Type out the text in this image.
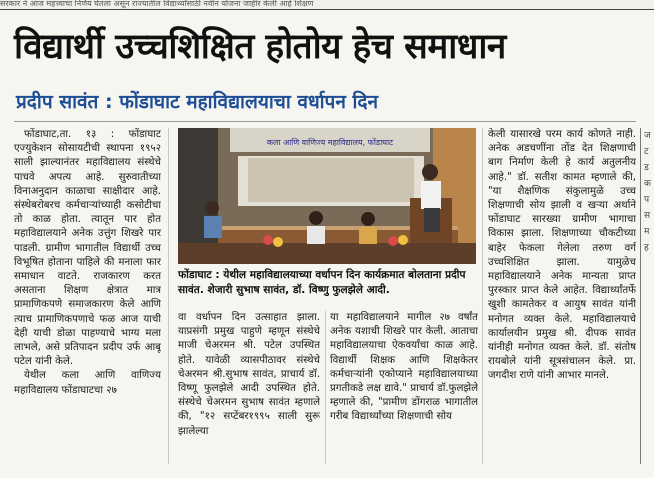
सरकार ने आज महत्त्वाचा निर्णय घेतला असून राज्यातील विद्यार्थ्यांसाठी नवीन योजना जाहीर केली आहे शिक्षण
विद्यार्थी उच्चशिक्षित होतोय हेच समाधान
प्रदीप सावंत : फोंडाघाट महाविद्यालयाचा वर्धापन दिन

फोंडाघाट,ता. १३ : फोंडाघाट एज्युकेशन सोसायटीची स्थापना १९५२ साली झाल्यानंतर महाविद्यालय संस्थेचे पाचवे अपत्य आहे. सुरुवातीच्या विनाअनुदान काळाचा साक्षीदार आहे. संस्थेबरोबरच कर्मचाऱ्यांच्याही कसोटीचा तो काळ होता. त्यातून पार होत महाविद्यालयाने अनेक उत्तुंग शिखरे पार पाडली. ग्रामीण भागातील विद्यार्थी उच्च विभूषित होताना पाहिले की मनाला फार समाधान वाटते. राजकारण करत असताना शिक्षण क्षेत्रात मात्र प्रामाणिकपणे समाजकारण केले आणि त्याच प्रामाणिकपणाचे फळ आज याची देही याची डोळा पाहण्याचे भाग्य मला लाभले, असे प्रतिपादन प्रदीप उर्फ आबू पटेल यांनी केले.

येथील कला आणि वाणिज्य महाविद्यालय फोंडाघाटचा २७

कला आणि वाणिज्य महाविद्यालय, फोंडाघाट

फोंडाघाट : येथील महाविद्यालयाच्या वर्धापन दिन कार्यक्रमात बोलताना प्रदीप सावंत. शेजारी सुभाष सावंत, डॉ. विष्णु फुलझेले आदी.

वा वर्धापन दिन उत्साहात झाला. याप्रसंगी प्रमुख पाहुणे म्हणून संस्थेचे माजी चेअरमन श्री. पटेल उपस्थित होते. यावेळी व्यासपीठावर संस्थेचे चेअरमन श्री.सुभाष सावंत, प्राचार्य डॉ. विष्णू फुलझेले आदी उपस्थित होते. संस्थेचे चेअरमन सुभाष सावंत म्हणाले की, "१२ सप्टेंबर१९९५ साली सुरू झालेल्या

या महाविद्यालयाने मागील २७ वर्षांत अनेक यशाची शिखरे पार केली. आताचा महाविद्यालयाचा ऐकवर्यांचा काळ आहे. विद्यार्थी शिक्षक आणि शिक्षकेतर कर्मचाऱ्यांनी एकोप्याने महाविद्यालयाच्या प्रगतीकडे लक्ष द्यावे." प्राचार्य डॉ.फुलझेले म्हणाले की, "प्रामीण डोंगराळ भागातील गरीब विद्यार्थ्यांच्या शिक्षणाची सोय

केली यासारखे परम कार्य कोणते नाही. अनेक अडचणींना तोंड देत शिक्षणाची बाग निर्माण केली हे कार्य अतुलनीय आहे." डॉ. सतीश कामत म्हणाले की, "या शैक्षणिक संकुलामुळे उच्च शिक्षणाची सोय झाली व खऱ्या अर्थाने फोंडाघाट सारख्या ग्रामीण भागाचा विकास झाला. शिक्षणाच्या चौकटीच्या बाहेर फेकला गेलेला तरुण वर्ग उच्चशिक्षित झाला. यामुळेच महाविद्यालयाने अनेक मान्यता प्राप्त पुरस्कार प्राप्त केले आहेत. विद्यार्थ्यांतर्फे खुशी कामतेकर व आयुष सावंत यांनी मनोगत व्यक्त केले. महाविद्यालयाचे कार्यालयीन प्रमुख श्री. दीपक सावंत यांनीही मनोगत व्यक्त केले. डॉ. संतोष रायबोले यांनी सूत्रसंचालन केले. प्रा. जगदीश राणे यांनी आभार मानले.

ज
ट
ड
क
प
स
म
ह
